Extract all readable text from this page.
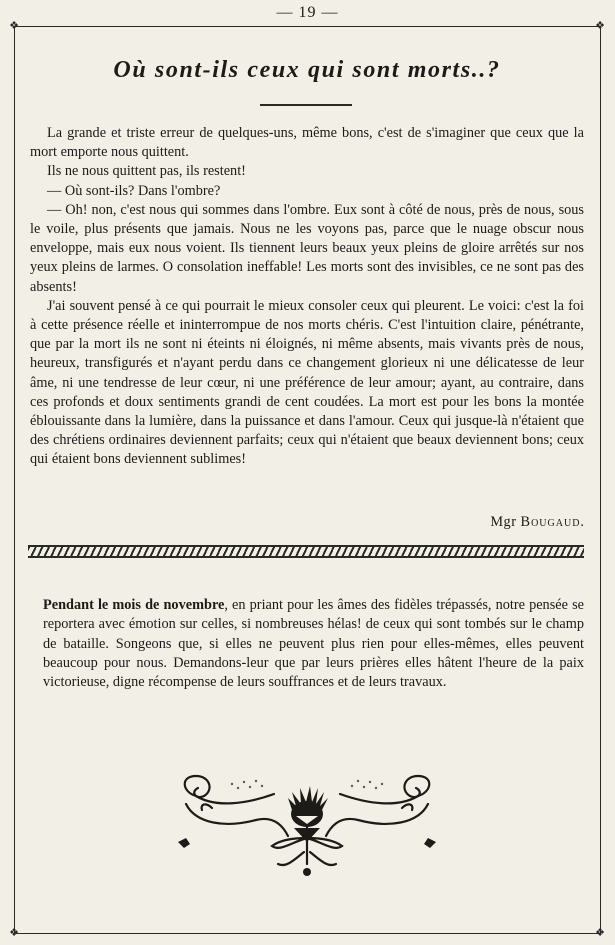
— 19 —
❖	❖
❖	❖
Où sont-ils ceux qui sont morts..?

La grande et triste erreur de quelques-uns, même bons, c'est de s'imaginer que ceux que la mort emporte nous quittent.

Ils ne nous quittent pas, ils restent!

— Où sont-ils? Dans l'ombre?

— Oh! non, c'est nous qui sommes dans l'ombre. Eux sont à côté de nous, près de nous, sous le voile, plus présents que jamais. Nous ne les voyons pas, parce que le nuage obscur nous enveloppe, mais eux nous voient. Ils tiennent leurs beaux yeux pleins de gloire arrêtés sur nos yeux pleins de larmes. O consolation ineffable! Les morts sont des invisibles, ce ne sont pas des absents!

J'ai souvent pensé à ce qui pourrait le mieux consoler ceux qui pleurent. Le voici: c'est la foi à cette présence réelle et ininterrompue de nos morts chéris. C'est l'intuition claire, pénétrante, que par la mort ils ne sont ni éteints ni éloignés, ni même absents, mais vivants près de nous, heureux, transfigurés et n'ayant perdu dans ce changement glorieux ni une délicatesse de leur âme, ni une tendresse de leur cœur, ni une préférence de leur amour; ayant, au contraire, dans ces profonds et doux sentiments grandi de cent coudées. La mort est pour les bons la montée éblouissante dans la lumière, dans la puissance et dans l'amour. Ceux qui jusque-là n'étaient que des chrétiens ordinaires deviennent parfaits; ceux qui n'étaient que beaux deviennent bons; ceux qui étaient bons deviennent sublimes!

Mgr Bougaud.
Pendant le mois de novembre, en priant pour les âmes des fidèles trépassés, notre pensée se reportera avec émotion sur celles, si nombreuses hélas! de ceux qui sont tombés sur le champ de bataille. Songeons que, si elles ne peuvent plus rien pour elles-mêmes, elles peuvent beaucoup pour nous. Demandons-leur que par leurs prières elles hâtent l'heure de la paix victorieuse, digne récompense de leurs souffrances et de leurs travaux.
